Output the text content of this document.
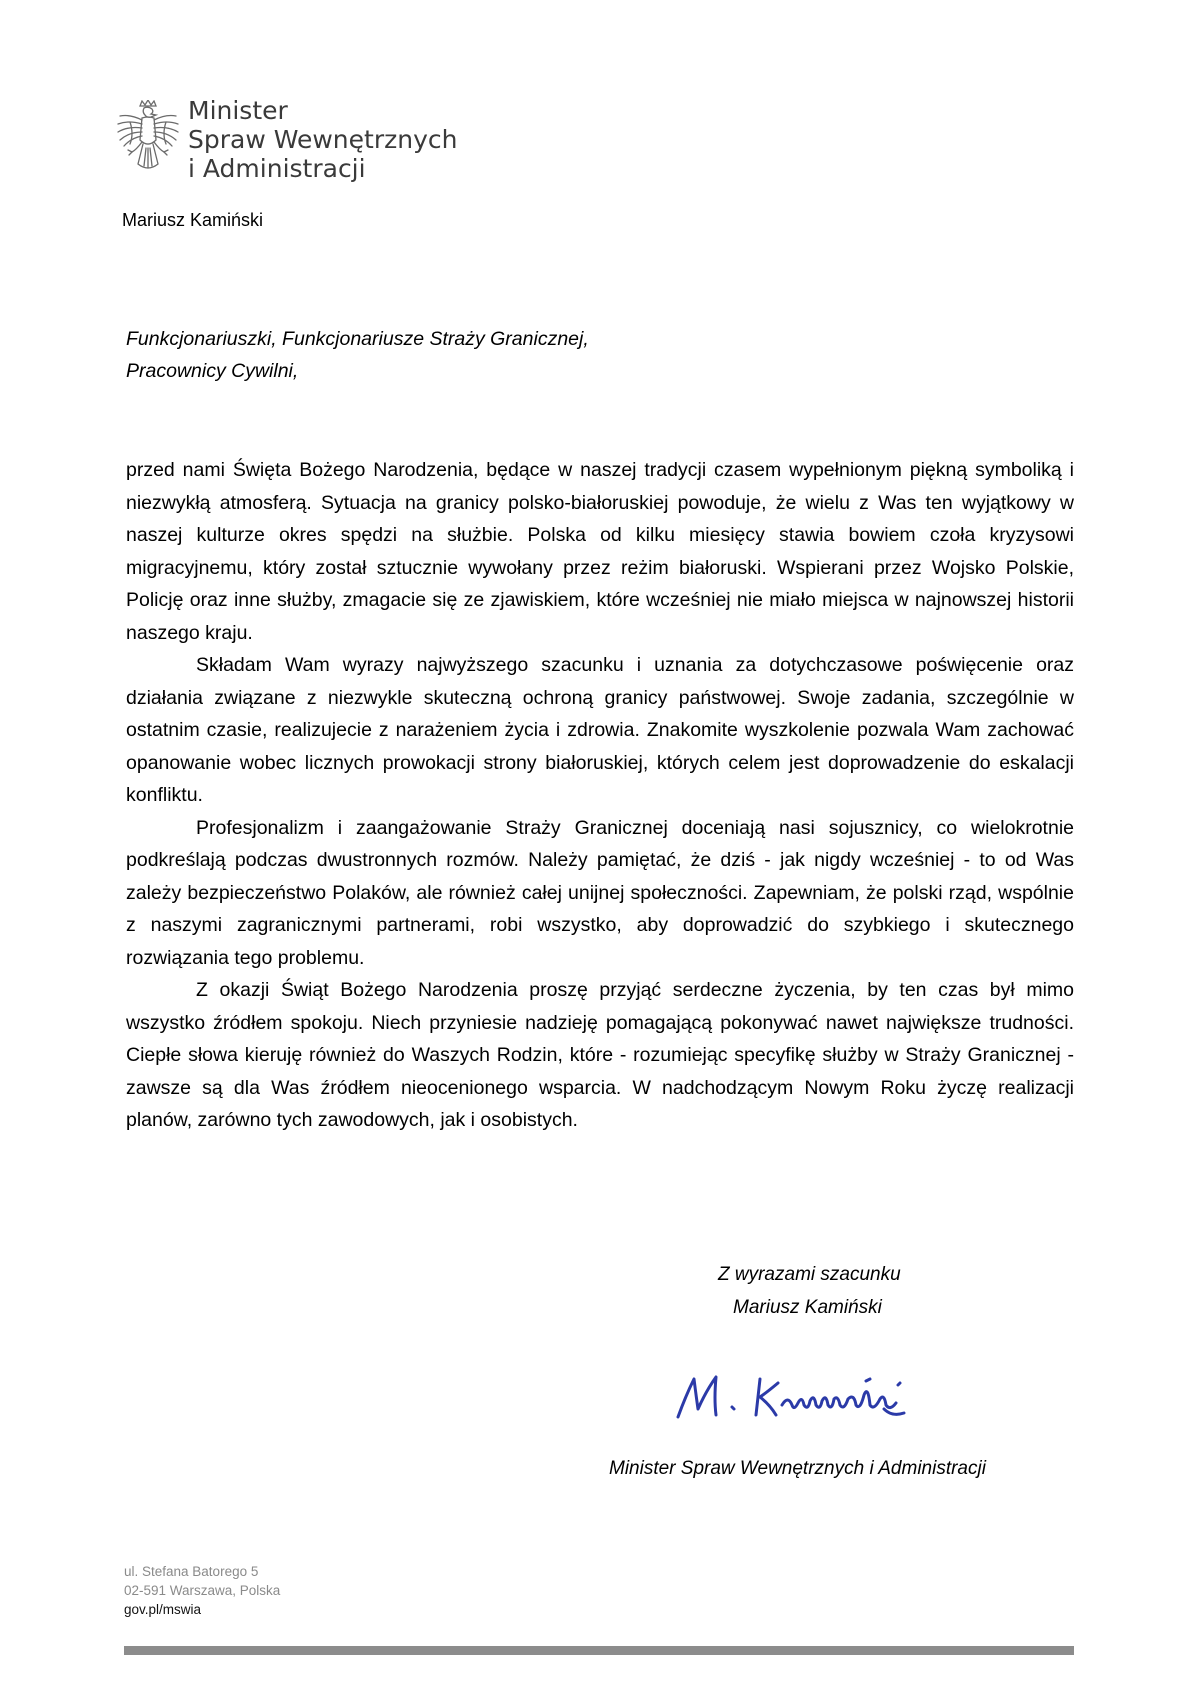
Minister
Spraw Wewnętrznych
i Administracji
Mariusz Kamiński
Funkcjonariuszki, Funkcjonariusze Straży Granicznej,
Pracownicy Cywilni,

przed nami Święta Bożego Narodzenia, będące w naszej tradycji czasem wypełnionym piękną symboliką i niezwykłą atmosferą. Sytuacja na granicy polsko-białoruskiej powoduje, że wielu z Was ten wyjątkowy w naszej kulturze okres spędzi na służbie. Polska od kilku miesięcy stawia bowiem czoła kryzysowi migracyjnemu, który został sztucznie wywołany przez reżim białoruski. Wspierani przez Wojsko Polskie, Policję oraz inne służby, zmagacie się ze zjawiskiem, które wcześniej nie miało miejsca w najnowszej historii naszego kraju.

Składam Wam wyrazy najwyższego szacunku i uznania za dotychczasowe poświęcenie oraz działania związane z niezwykle skuteczną ochroną granicy państwowej. Swoje zadania, szczególnie w ostatnim czasie, realizujecie z narażeniem życia i zdrowia. Znakomite wyszkolenie pozwala Wam zachować opanowanie wobec licznych prowokacji strony białoruskiej, których celem jest doprowadzenie do eskalacji konfliktu.

Profesjonalizm i zaangażowanie Straży Granicznej doceniają nasi sojusznicy, co wielokrotnie podkreślają podczas dwustronnych rozmów. Należy pamiętać, że dziś - jak nigdy wcześniej - to od Was zależy bezpieczeństwo Polaków, ale również całej unijnej społeczności. Zapewniam, że polski rząd, wspólnie z naszymi zagranicznymi partnerami, robi wszystko, aby doprowadzić do szybkiego i skutecznego rozwiązania tego problemu.

Z okazji Świąt Bożego Narodzenia proszę przyjąć serdeczne życzenia, by ten czas był mimo wszystko źródłem spokoju. Niech przyniesie nadzieję pomagającą pokonywać nawet największe trudności. Ciepłe słowa kieruję również do Waszych Rodzin, które - rozumiejąc specyfikę służby w Straży Granicznej - zawsze są dla Was źródłem nieocenionego wsparcia. W nadchodzącym Nowym Roku życzę realizacji planów, zarówno tych zawodowych, jak i osobistych.

Z wyrazami szacunku
Mariusz Kamiński
Minister Spraw Wewnętrznych i Administracji
ul. Stefana Batorego 5
02-591 Warszawa, Polska
gov.pl/mswia
